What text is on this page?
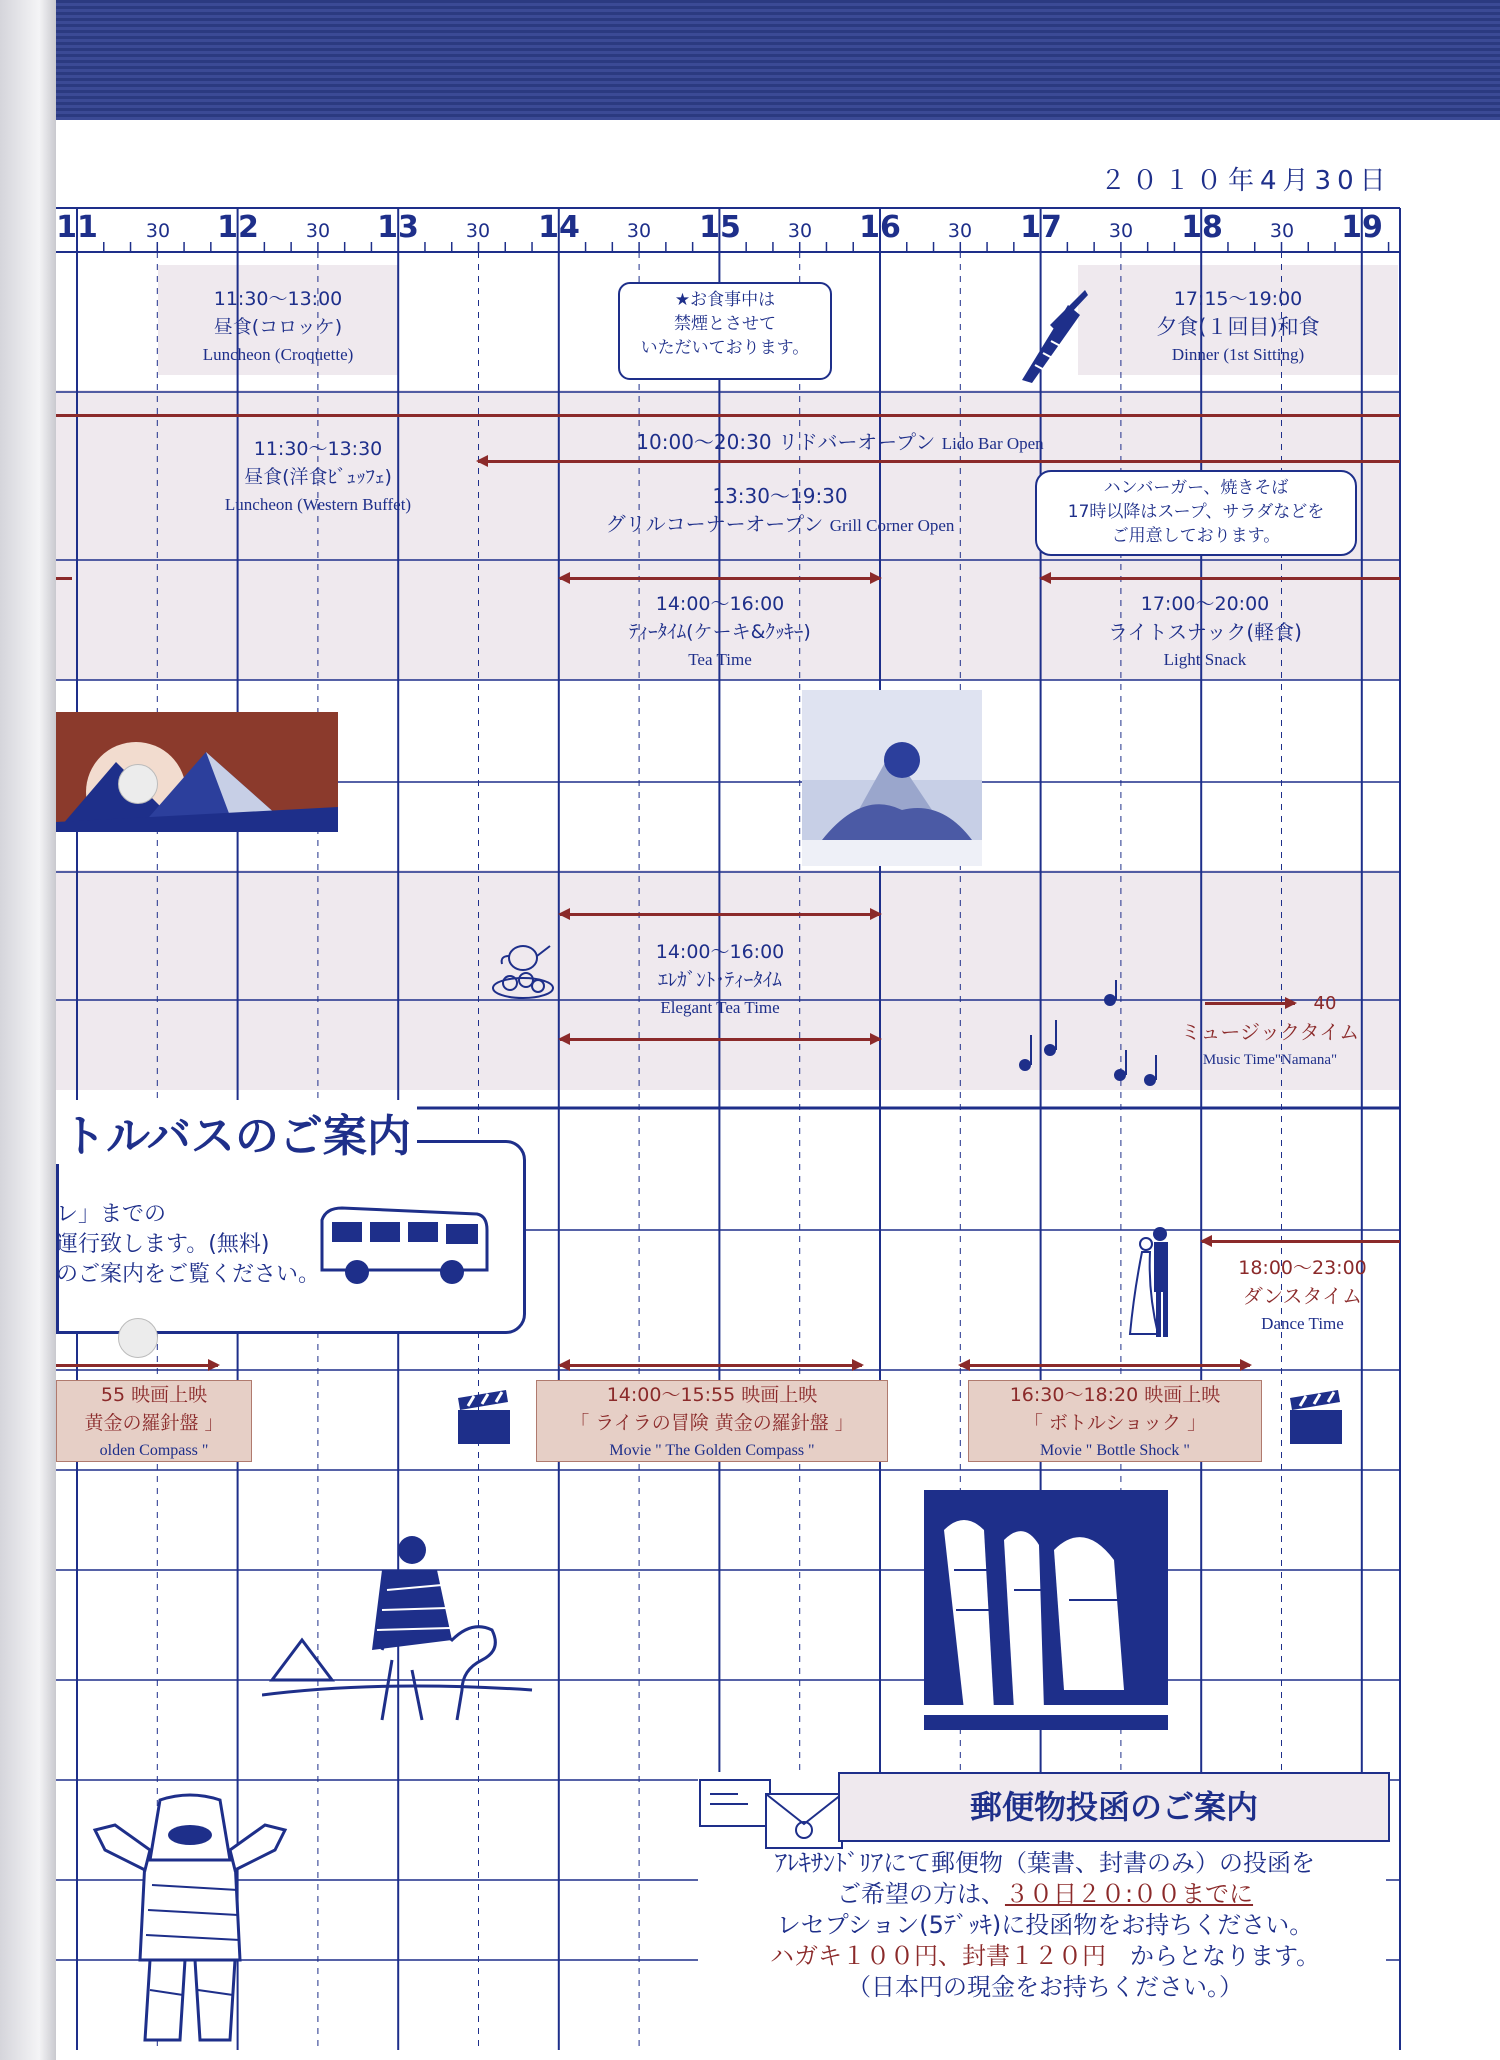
２０１０年4月30日
11	12	13	14	15	16	17	18	19
30	30	30	30	30	30	30	30
11:30〜13:00
昼食(コロッケ)
Luncheon (Croquette)
★お食事中は
禁煙とさせて
いただいております。
17:15〜19:00
夕食(１回目)和食
Dinner (1st Sitting)
11:30〜13:30
昼食(洋食ﾋﾞｭｯﾌｪ)
Luncheon (Western Buffet)
10:00〜20:30 リドバーオープン Lido Bar Open
13:30〜19:30
グリルコーナーオープン Grill Corner Open
ハンバーガー、焼きそば
17時以降はスープ、サラダなどを
ご用意しております。
14:00〜16:00
ﾃｨｰﾀｲﾑ(ケーキ&ｸｯｷｰ)
Tea Time
17:00〜20:00
ライトスナック(軽食)
Light Snack
14:00〜16:00
ｴﾚｶﾞﾝﾄ･ﾃｨｰﾀｲﾑ
Elegant Tea Time	40
ミュージックタイム
Music Time"Namana"
トルバスのご案内
レ」までの
運行致します。(無料)
のご案内をご覧ください。	18:00〜23:00
ダンスタイム
Dance Time
55 映画上映
黄金の羅針盤 」
olden Compass "
14:00〜15:55 映画上映
「 ライラの冒険 黄金の羅針盤 」
Movie " The Golden Compass "
16:30〜18:20 映画上映
「 ボトルショック 」
Movie " Bottle Shock "
郵便物投函のご案内
ｱﾚｷｻﾝﾄﾞﾘｱにて郵便物（葉書、封書のみ）の投函を
ご希望の方は、３０日２０:００までに
レセプション(5ﾃﾞｯｷ)に投函物をお持ちください。
ハガキ１００円、封書１２０円　 からとなります。
（日本円の現金をお持ちください。）
